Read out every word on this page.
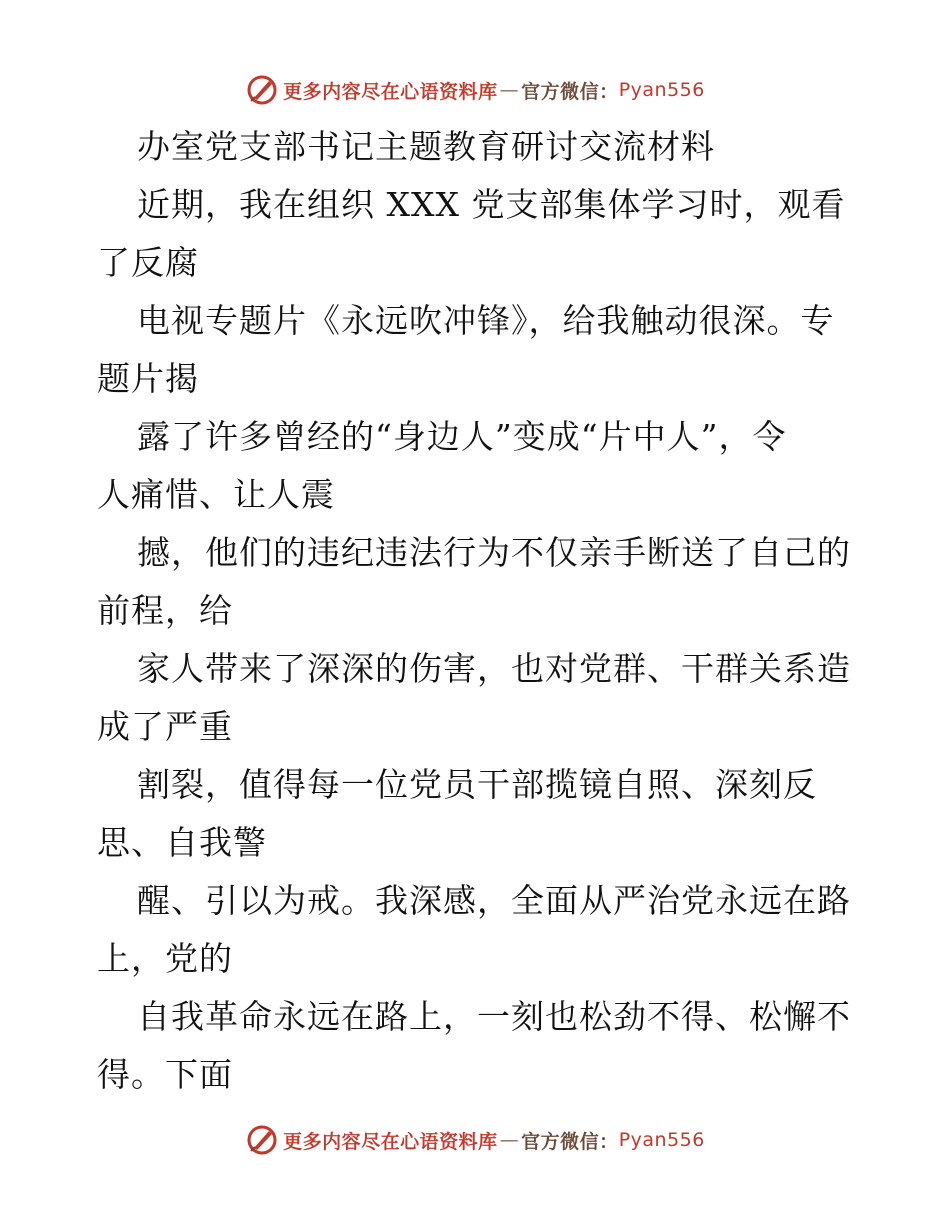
更多内容尽在心语资料库 — 官方微信： Pyan556
办室党支部书记主题教育研讨交流材料
近期，我在组织 XXX 党支部集体学习时，观看
了反腐
电视专题片《永远吹冲锋》，给我触动很深。专
题片揭
露了许多曾经的“身边人”变成“片中人”，令
人痛惜、让人震
撼，他们的违纪违法行为不仅亲手断送了自己的
前程，给
家人带来了深深的伤害，也对党群、干群关系造
成了严重
割裂，值得每一位党员干部揽镜自照、深刻反
思、自我警
醒、引以为戒。我深感，全面从严治党永远在路
上，党的
自我革命永远在路上，一刻也松劲不得、松懈不
得。下面
更多内容尽在心语资料库 — 官方微信： Pyan556
